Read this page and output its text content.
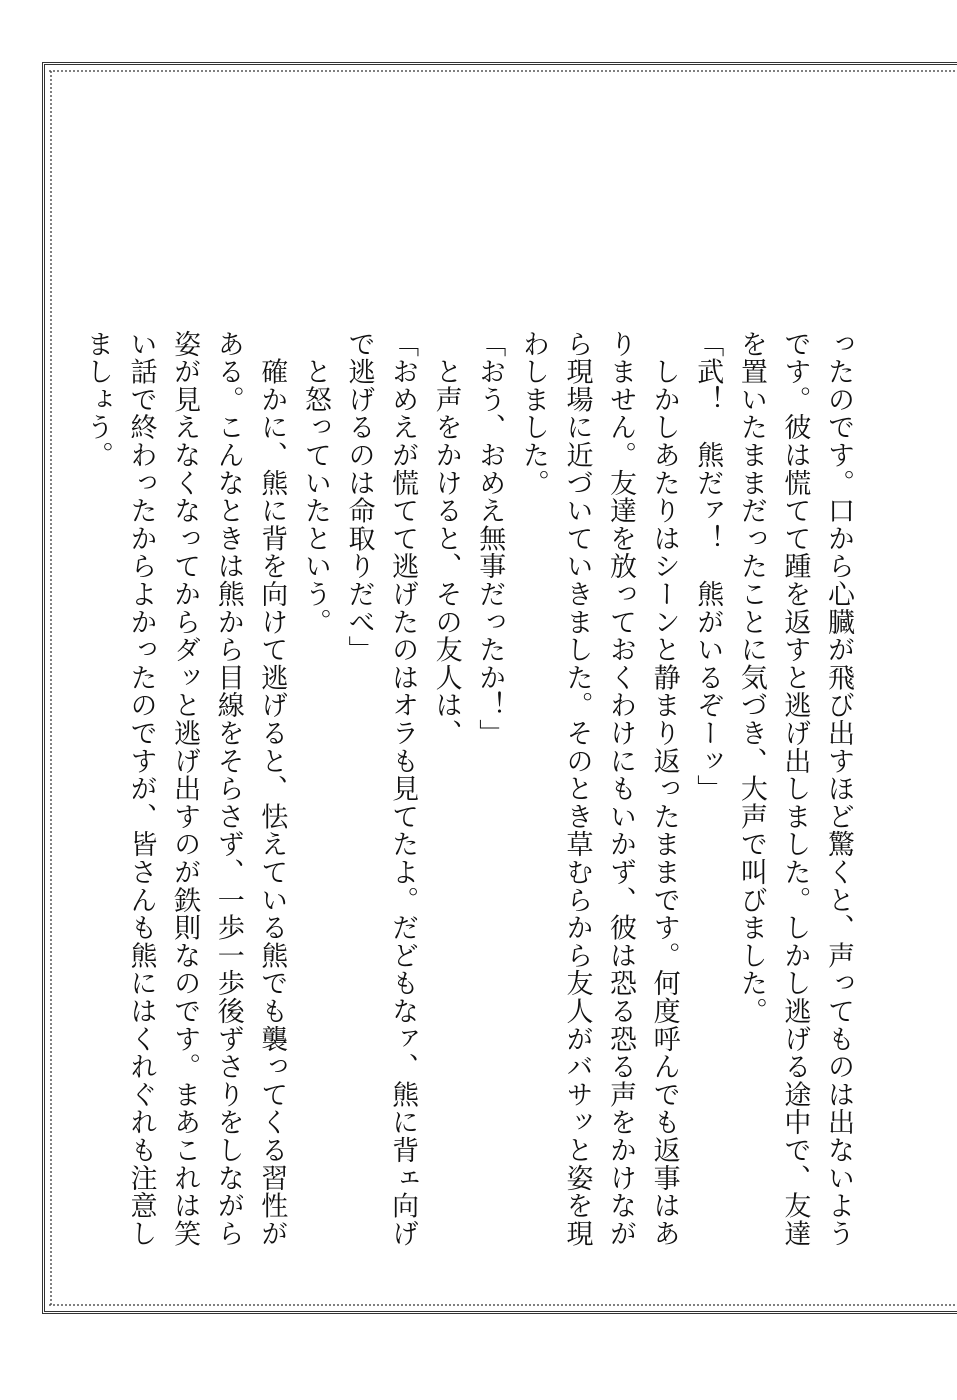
ったのです。口から心臓が飛び出すほど驚くと、声ってものは出ないよう
です。彼は慌てて踵を返すと逃げ出しました。しかし逃げる途中で、友達
を置いたままだったことに気づき、大声で叫びました。
「武！　熊だァ！　熊がいるぞーッ」
　しかしあたりはシーンと静まり返ったままです。何度呼んでも返事はあ
りません。友達を放っておくわけにもいかず、彼は恐る恐る声をかけなが
ら現場に近づいていきました。そのとき草むらから友人がバサッと姿を現
わしました。
「おう、おめえ無事だったか！」
　と声をかけると、その友人は、
「おめえが慌てて逃げたのはオラも見てたよ。だどもなァ、熊に背ェ向げ
で逃げるのは命取りだべ」
　と怒っていたという。
　確かに、熊に背を向けて逃げると、怯えている熊でも襲ってくる習性が
ある。こんなときは熊から目線をそらさず、一歩一歩後ずさりをしながら
姿が見えなくなってからダッと逃げ出すのが鉄則なのです。まあこれは笑
い話で終わったからよかったのですが、皆さんも熊にはくれぐれも注意し
ましょう。
